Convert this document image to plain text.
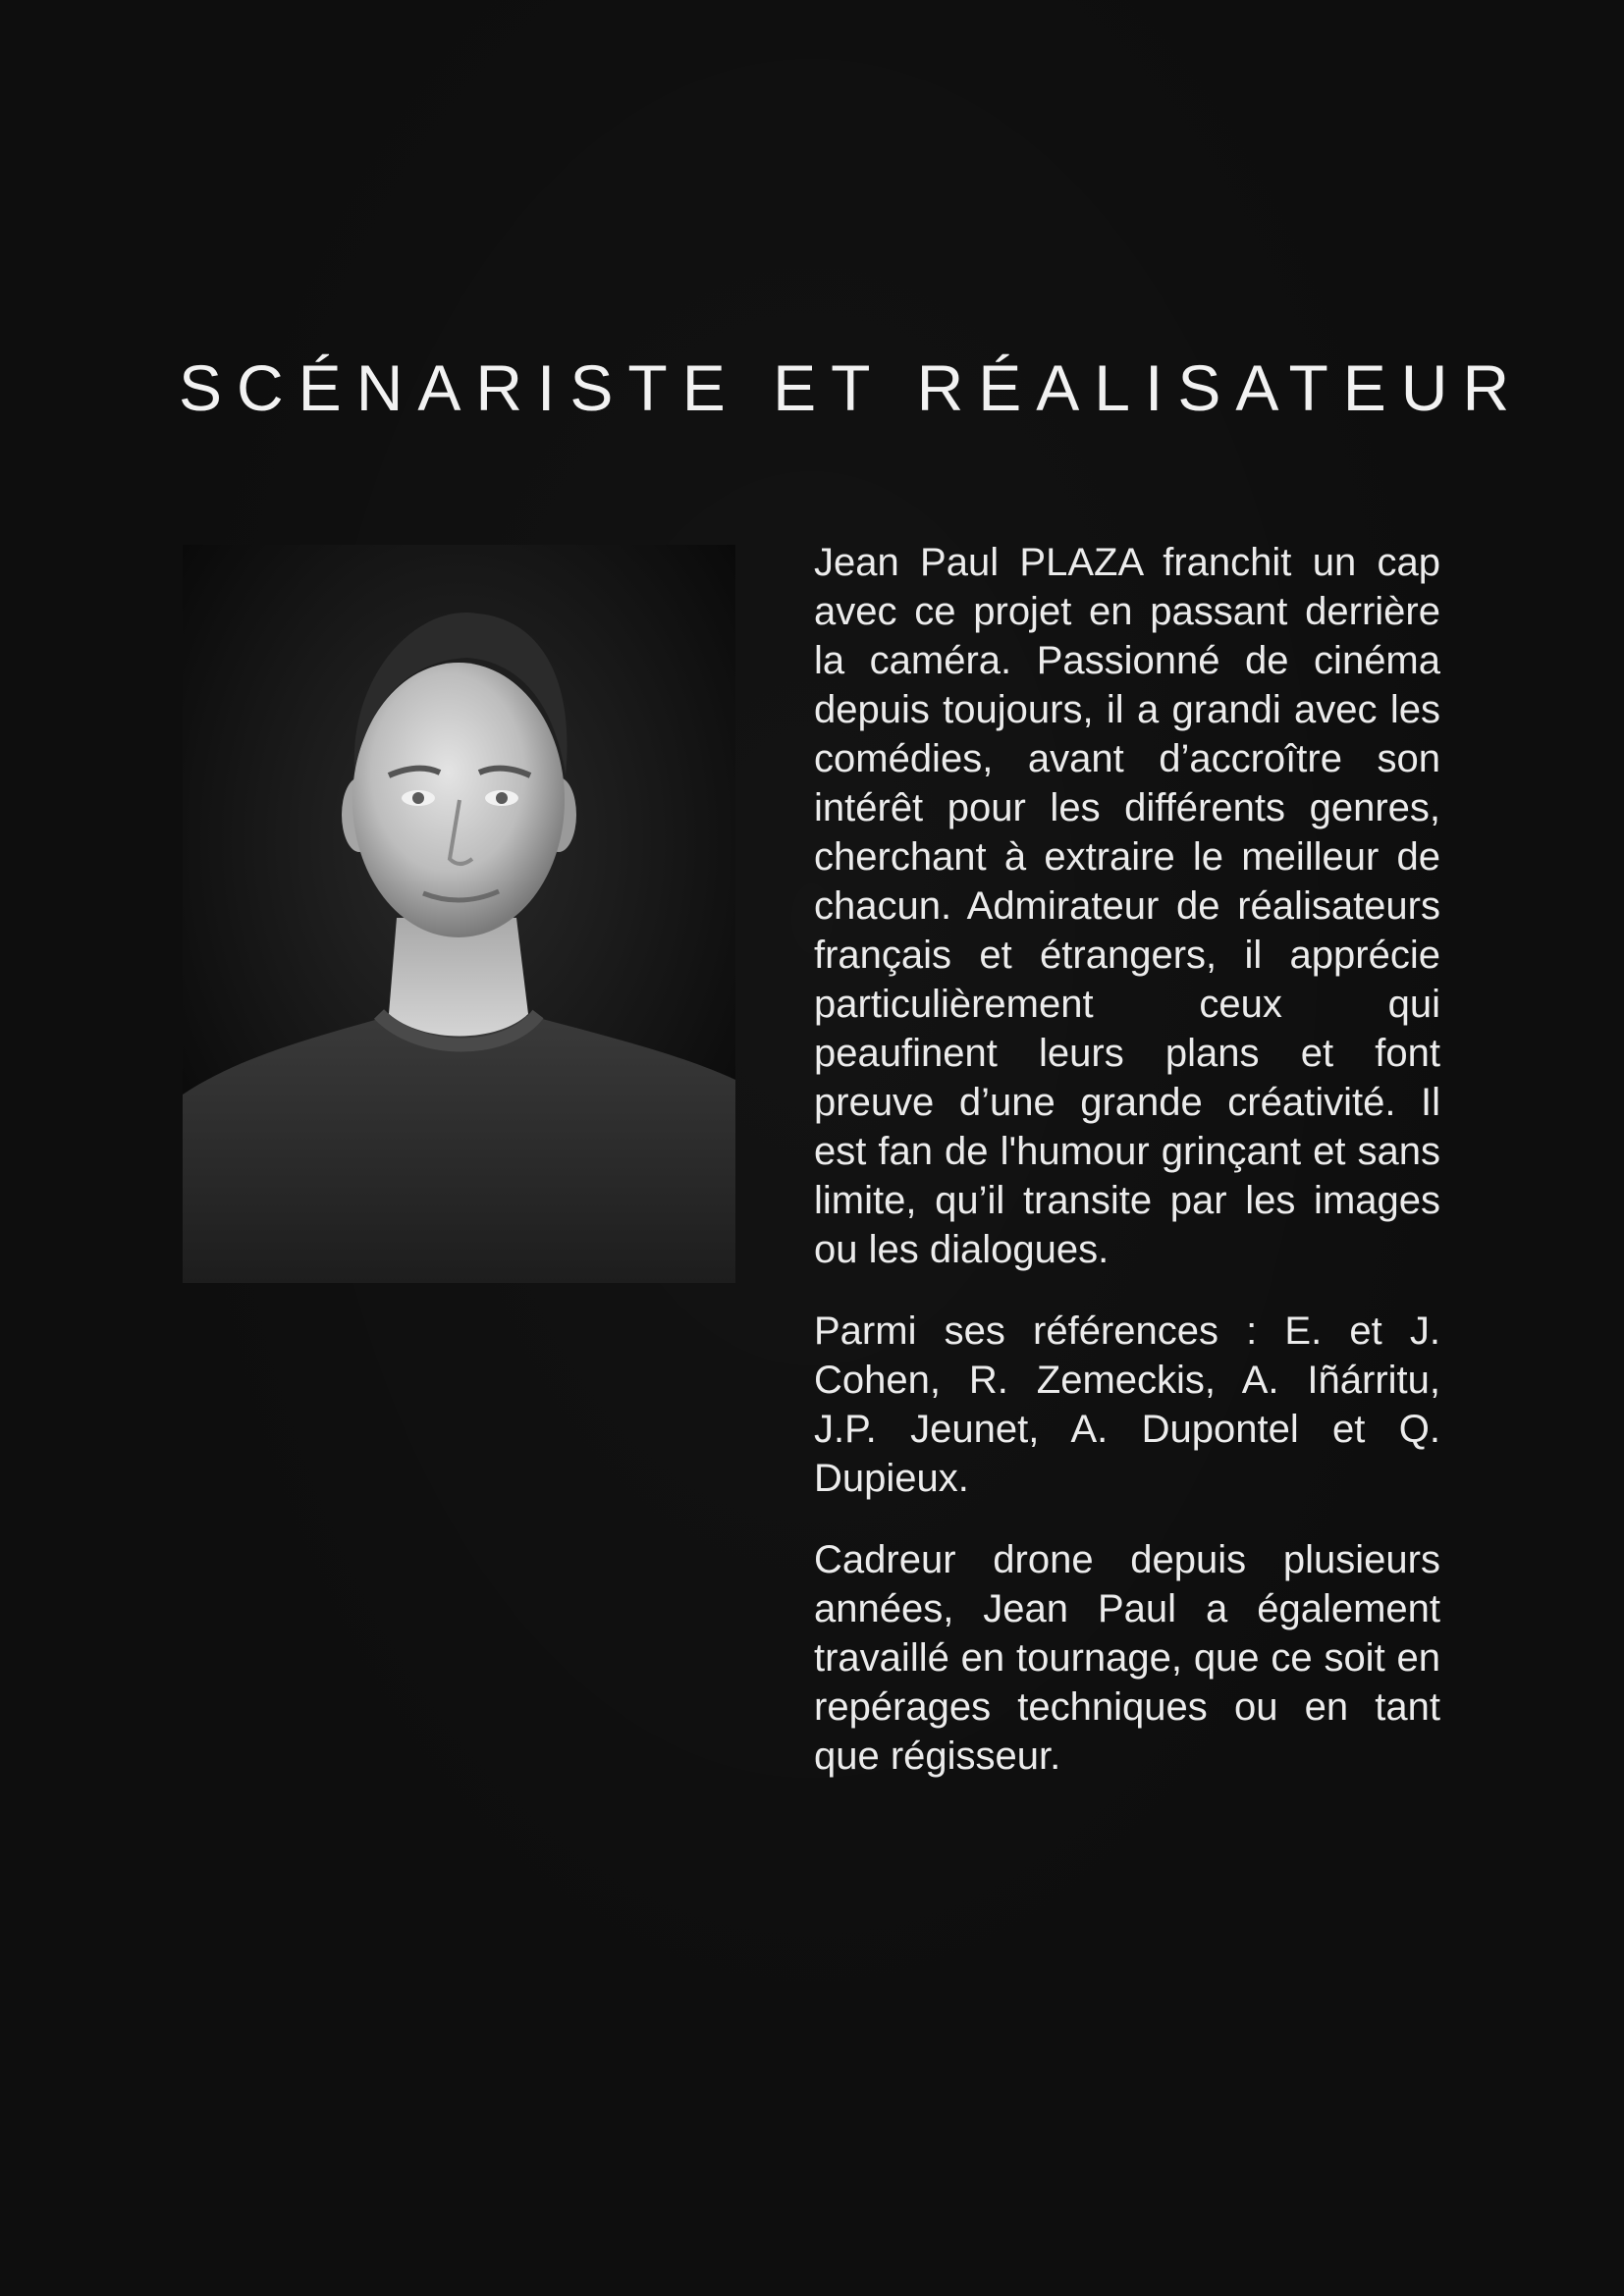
SCÉNARISTE ET RÉALISATEUR

Jean Paul PLAZA franchit un cap avec ce projet en passant derrière la caméra. Passionné de cinéma depuis toujours, il a grandi avec les comédies, avant d’accroître son intérêt pour les différents genres, cherchant à extraire le meilleur de chacun. Admirateur de réalisateurs français et étrangers, il apprécie particulièrement ceux qui peaufinent leurs plans et font preuve d’une grande créativité. Il est fan de l'humour grinçant et sans limite, qu’il transite par les images ou les dialogues.

Parmi ses références : E. et J. Cohen, R. Zemeckis, A. Iñárritu, J.P. Jeunet, A. Dupontel et Q. Dupieux.

Cadreur drone depuis plusieurs années, Jean Paul a également travaillé en tournage, que ce soit en repérages techniques ou en tant que régisseur.
